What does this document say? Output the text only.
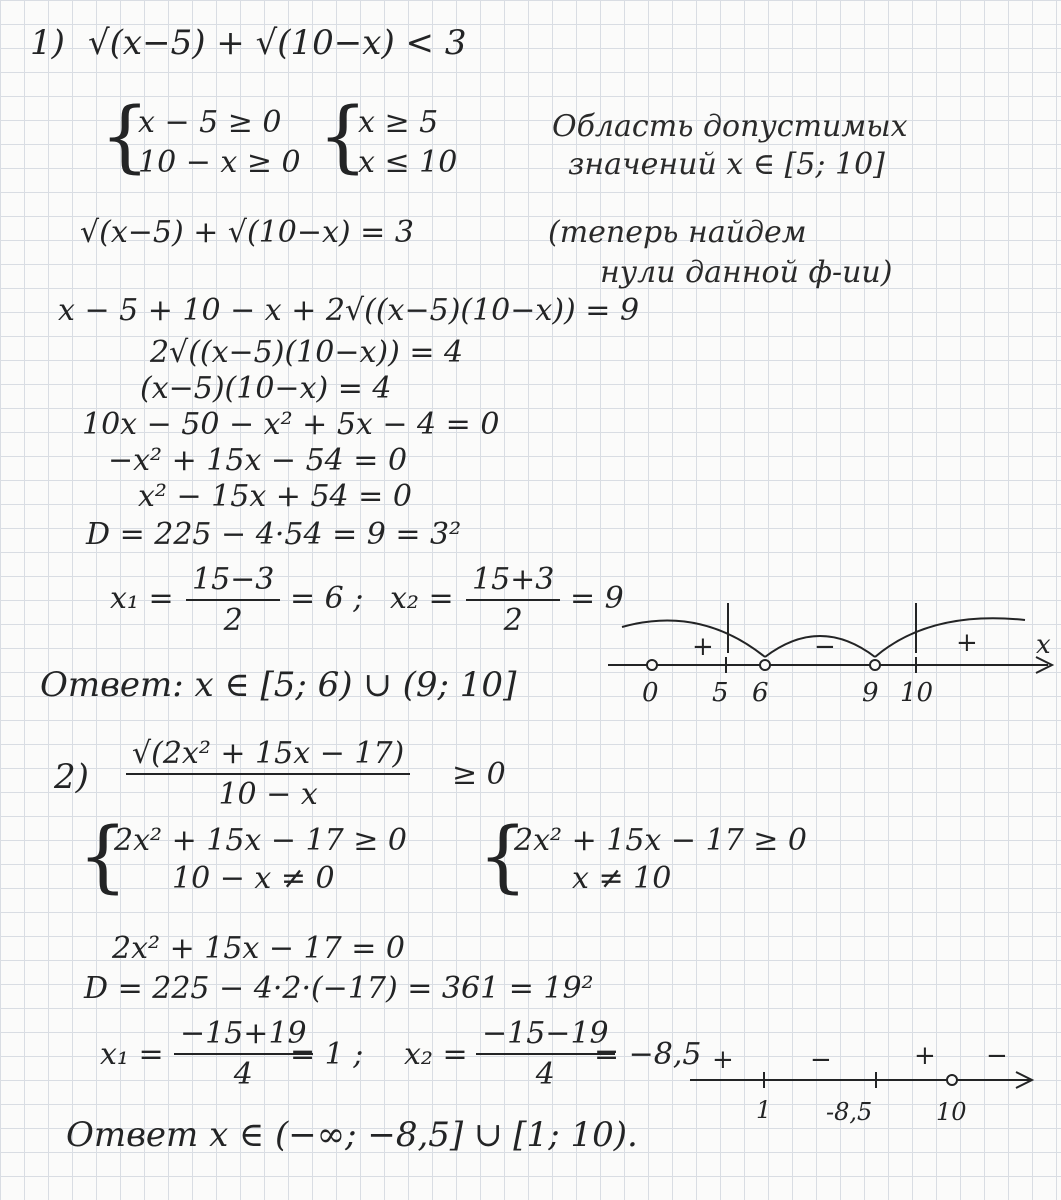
1) √(x−5) + √(10−x) < 3
{
x − 5 ≥ 0
10 − x ≥ 0 {
x ≥ 5
x ≤ 10
Область допустимых
значений x ∈ [5; 10]
√(x−5) + √(10−x) = 3	(теперь найдем
нули данной ф-ии)
x − 5 + 10 − x + 2√((x−5)(10−x)) = 9
2√((x−5)(10−x)) = 4
(x−5)(10−x) = 4
10x − 50 − x² + 5x − 4 = 0
−x² + 15x − 54 = 0
x² − 15x + 54 = 0
D = 225 − 4·54 = 9 = 3²
$x_1 = \frac{15-3}{2} = 6$ ; $x_2 = \frac{15+3}{2} = 9$
x
0 5 6	9 10
+	−	+
Ответ: x ∈ [5; 6) ∪ (9; 10]
$2) \frac{\text{√(2x² + 15x − 17)}}{10 - x} \ge 0$
{
2x² + 15x − 17 ≥ 0
10 − x ≠ 0 {
2x² + 15x − 17 ≥ 0
x ≠ 10
2x² + 15x − 17 = 0
D = 225 − 4·2·(−17) = 361 = 19²
$x_1 = \frac{-15+19}{4}$
= 1 ; $x_2 = \frac{-15-19}{4}$
= −8,5
1 -8,5	10
+	−	+ −
Ответ x ∈ (−∞; −8,5] ∪ [1; 10).
